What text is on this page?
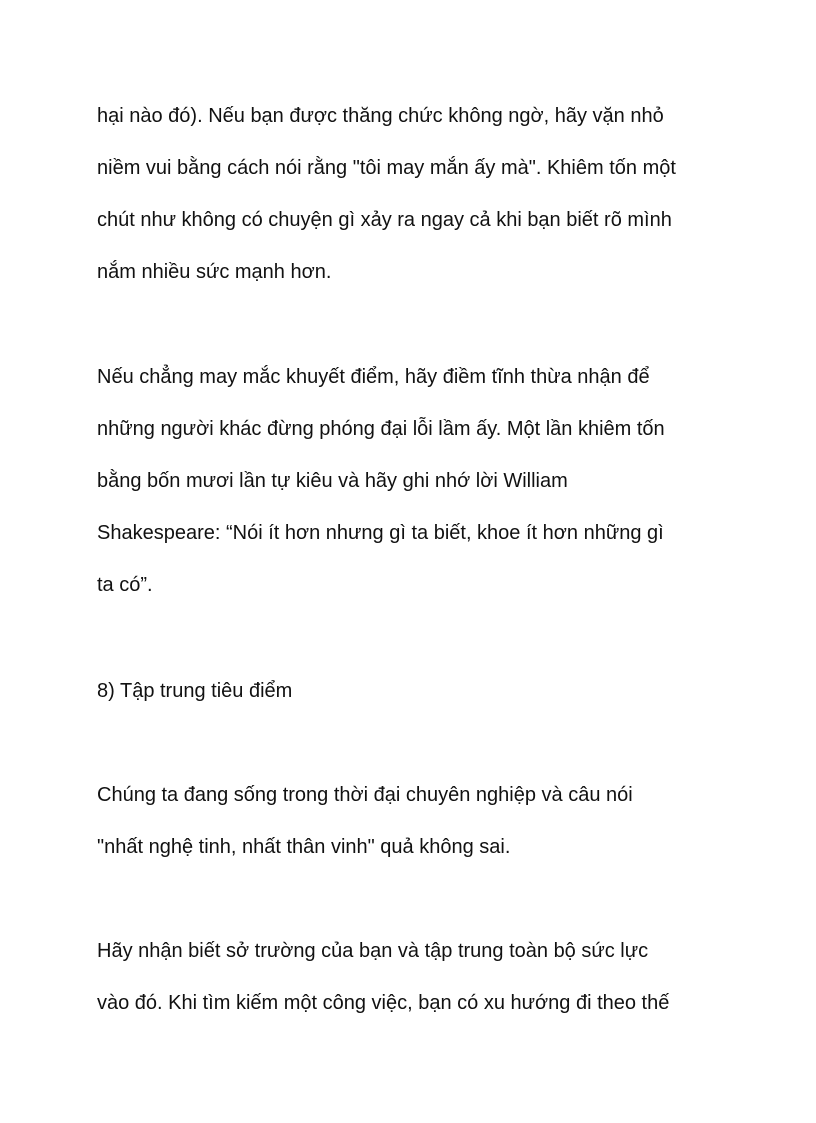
hại nào đó). Nếu bạn được thăng chức không ngờ, hãy vặn nhỏ
niềm vui bằng cách nói rằng "tôi may mắn ấy mà". Khiêm tốn một
chút như không có chuyện gì xảy ra ngay cả khi bạn biết rõ mình
nắm nhiều sức mạnh hơn.
Nếu chẳng may mắc khuyết điểm, hãy điềm tĩnh thừa nhận để
những người khác đừng phóng đại lỗi lầm ấy. Một lần khiêm tốn
bằng bốn mươi lần tự kiêu và hãy ghi nhớ lời William
Shakespeare: “Nói ít hơn nhưng gì ta biết, khoe ít hơn những gì
ta có”.
8) Tập trung tiêu điểm
Chúng ta đang sống trong thời đại chuyên nghiệp và câu nói
"nhất nghệ tinh, nhất thân vinh" quả không sai.
Hãy nhận biết sở trường của bạn và tập trung toàn bộ sức lực
vào đó. Khi tìm kiếm một công việc, bạn có xu hướng đi theo thế
